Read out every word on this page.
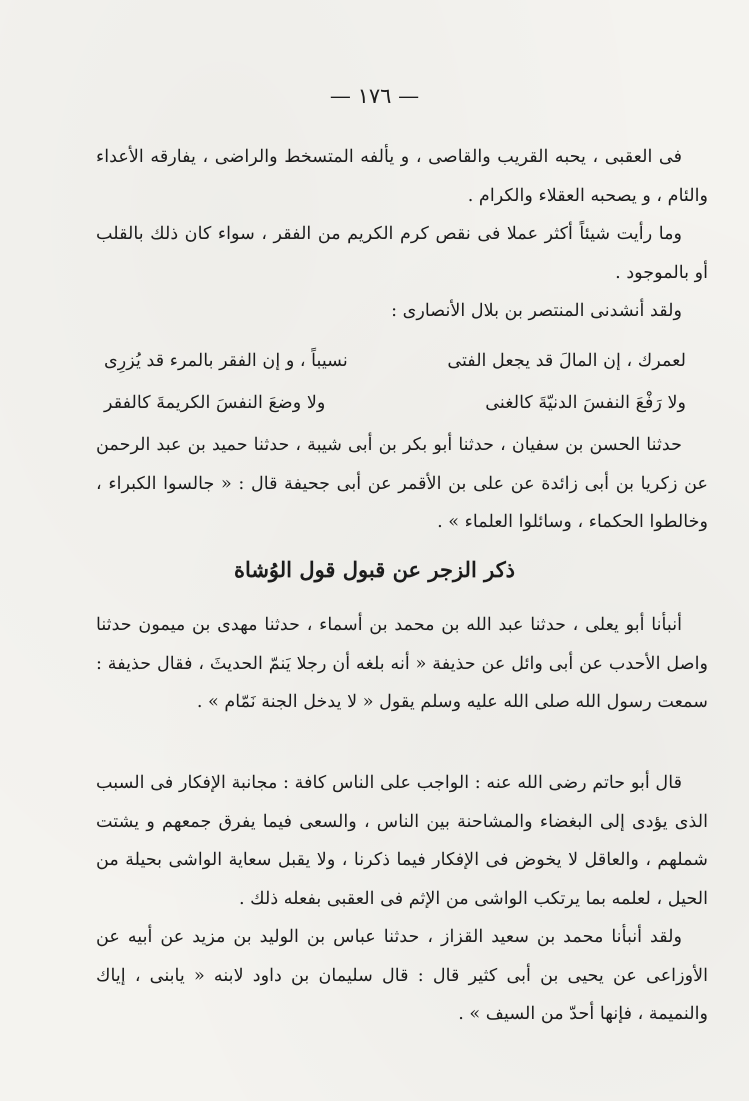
— ١٧٦ —

فى العقبى ، يحبه القريب والقاصى ، و يألفه المتسخط والراضى ، يفارقه الأعداء والئام ، و يصحبه العقلاء والكرام .

وما رأيت شيئاً أكثر عملا فى نقص كرم الكريم من الفقر ، سواء كان ذلك بالقلب أو بالموجود .

ولقد أنشدنى المنتصر بن بلال الأنصارى :

لعمرك ، إن المالَ قد يجعل الفتى
نسيباً ، و إن الفقر بالمرء قد يُزرِى
ولا رَفْعَ النفسَ الدنيّةَ كالغنى
ولا وضعَ النفسَ الكريمةَ كالفقر

حدثنا الحسن بن سفيان ، حدثنا أبو بكر بن أبى شيبة ، حدثنا حميد بن عبد الرحمن عن زكريا بن أبى زائدة عن على بن الأقمر عن أبى جحيفة قال : « جالسوا الكبراء ، وخالطوا الحكماء ، وسائلوا العلماء » .

ذكر الزجر عن قبول قول الوُشاة

أنبأنا أبو يعلى ، حدثنا عبد الله بن محمد بن أسماء ، حدثنا مهدى بن ميمون حدثنا واصل الأحدب عن أبى وائل عن حذيفة « أنه بلغه أن رجلا يَنمّ الحديثَ ، فقال حذيفة : سمعت رسول الله صلى الله عليه وسلم يقول « لا يدخل الجنة نَمّام » .

قال أبو حاتم رضى الله عنه : الواجب على الناس كافة : مجانبة الإفكار فى السبب الذى يؤدى إلى البغضاء والمشاحنة بين الناس ، والسعى فيما يفرق جمعهم و يشتت شملهم ، والعاقل لا يخوض فى الإفكار فيما ذكرنا ، ولا يقبل سعاية الواشى بحيلة من الحيل ، لعلمه بما يرتكب الواشى من الإثم فى العقبى بفعله ذلك .

ولقد أنبأنا محمد بن سعيد القزاز ، حدثنا عباس بن الوليد بن مزيد عن أبيه عن الأوزاعى عن يحيى بن أبى كثير قال : قال سليمان بن داود لابنه « يابنى ، إياك والنميمة ، فإنها أحدّ من السيف » .
